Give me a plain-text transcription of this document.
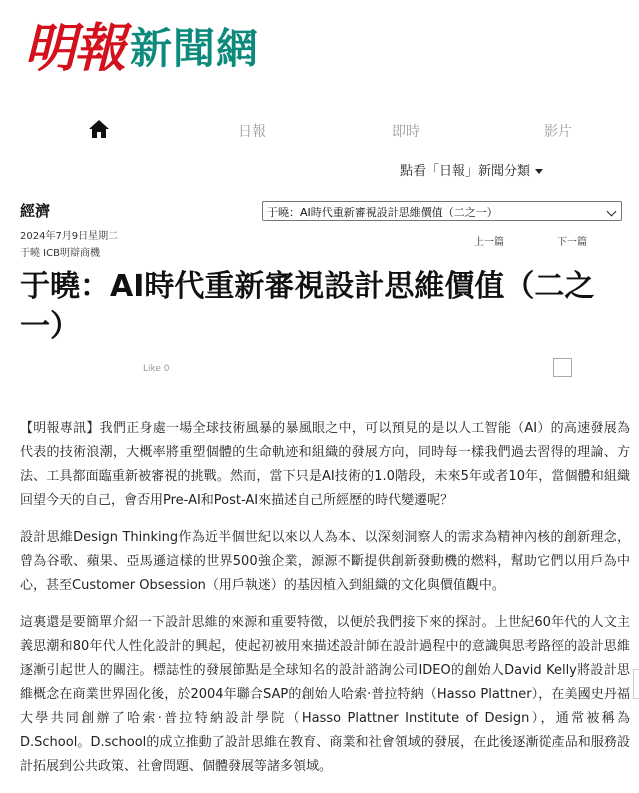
明報 新聞網
日報	即時	影片
點看「日報」新聞分類
經濟	于曉：AI時代重新審視設計思維價值（二之一）
2024年7月9日星期二
于曉 ICB明辯商機
上一篇	下一篇
于曉：AI時代重新審視設計思維價值（二之一）
Like 0

【明報專訊】我們正身處一場全球技術風暴的暴風眼之中，可以預見的是以人工智能（AI）的高速發展為代表的技術浪潮，大概率將重塑個體的生命軌迹和組織的發展方向，同時每一樣我們過去習得的理論、方法、工具都面臨重新被審視的挑戰。然而，當下只是AI技術的1.0階段，未來5年或者10年，當個體和組織回望今天的自己，會否用Pre-AI和Post-AI來描述自己所經歷的時代變遷呢？

設計思維Design Thinking作為近半個世紀以來以人為本、以深刻洞察人的需求為精神內核的創新理念，曾為谷歌、蘋果、亞馬遜這樣的世界500強企業，源源不斷提供創新發動機的燃料，幫助它們以用戶為中心，甚至Customer Obsession（用戶執迷）的基因植入到組織的文化與價值觀中。

這裏還是要簡單介紹一下設計思維的來源和重要特徵，以便於我們接下來的探討。上世紀60年代的人文主義思潮和80年代人性化設計的興起，使起初被用來描述設計師在設計過程中的意識與思考路徑的設計思維逐漸引起世人的關注。標誌性的發展節點是全球知名的設計諮詢公司IDEO的創始人David Kelly將設計思維概念在商業世界固化後，於2004年聯合SAP的創始人哈索·普拉特納（Hasso Plattner），在美國史丹福大學共同創辦了哈索·普拉特納設計學院（Hasso Plattner Institute of Design），通常被稱為D.School。D.school的成立推動了設計思維在教育、商業和社會領域的發展，在此後逐漸從產品和服務設計拓展到公共政策、社會問題、個體發展等諸多領域。
